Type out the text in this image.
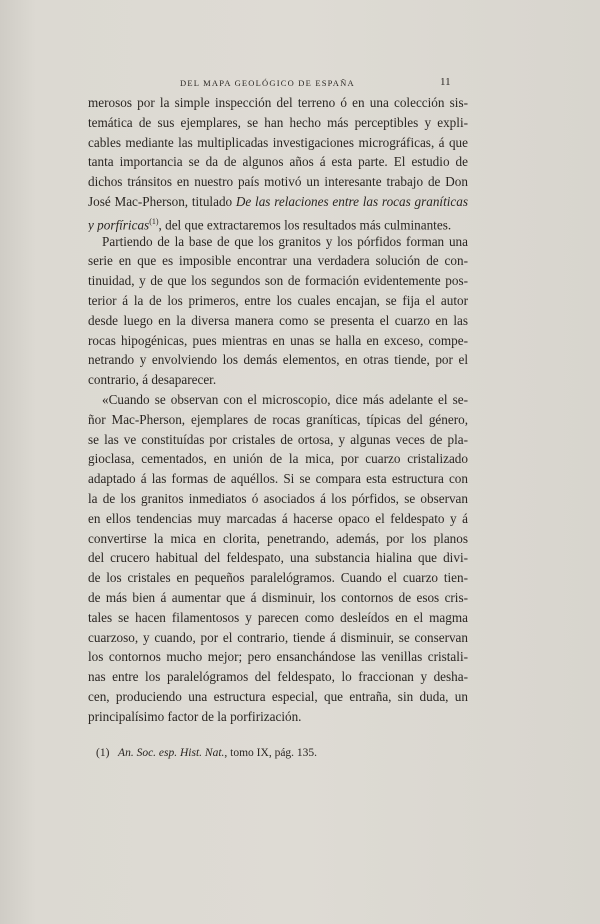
DEL MAPA GEOLÓGICO DE ESPAÑA	11
merosos por la simple inspección del terreno ó en una colección sis-
temática de sus ejemplares, se han hecho más perceptibles y expli-
cables mediante las multiplicadas investigaciones micrográficas, á que
tanta importancia se da de algunos años á esta parte. El estudio de
dichos tránsitos en nuestro país motivó un interesante trabajo de Don
José Mac-Pherson, titulado De las relaciones entre las rocas graníticas
y porfíricas$^{(1)}$, del que extractaremos los resultados más culminantes.
Partiendo de la base de que los granitos y los pórfidos forman una
serie en que es imposible encontrar una verdadera solución de con-
tinuidad, y de que los segundos son de formación evidentemente pos-
terior á la de los primeros, entre los cuales encajan, se fija el autor
desde luego en la diversa manera como se presenta el cuarzo en las
rocas hipogénicas, pues mientras en unas se halla en exceso, compe-
netrando y envolviendo los demás elementos, en otras tiende, por el
contrario, á desaparecer.
«Cuando se observan con el microscopio, dice más adelante el se-
ñor Mac-Pherson, ejemplares de rocas graníticas, típicas del género,
se las ve constituídas por cristales de ortosa, y algunas veces de pla-
gioclasa, cementados, en unión de la mica, por cuarzo cristalizado
adaptado á las formas de aquéllos. Si se compara esta estructura con
la de los granitos inmediatos ó asociados á los pórfidos, se observan
en ellos tendencias muy marcadas á hacerse opaco el feldespato y á
convertirse la mica en clorita, penetrando, además, por los planos
del crucero habitual del feldespato, una substancia hialina que divi-
de los cristales en pequeños paralelógramos. Cuando el cuarzo tien-
de más bien á aumentar que á disminuir, los contornos de esos cris-
tales se hacen filamentosos y parecen como desleídos en el magma
cuarzoso, y cuando, por el contrario, tiende á disminuir, se conservan
los contornos mucho mejor; pero ensanchándose las venillas cristali-
nas entre los paralelógramos del feldespato, lo fraccionan y desha-
cen, produciendo una estructura especial, que entraña, sin duda, un
principalísimo factor de la porfirización.
(1) An. Soc. esp. Hist. Nat., tomo IX, pág. 135.
